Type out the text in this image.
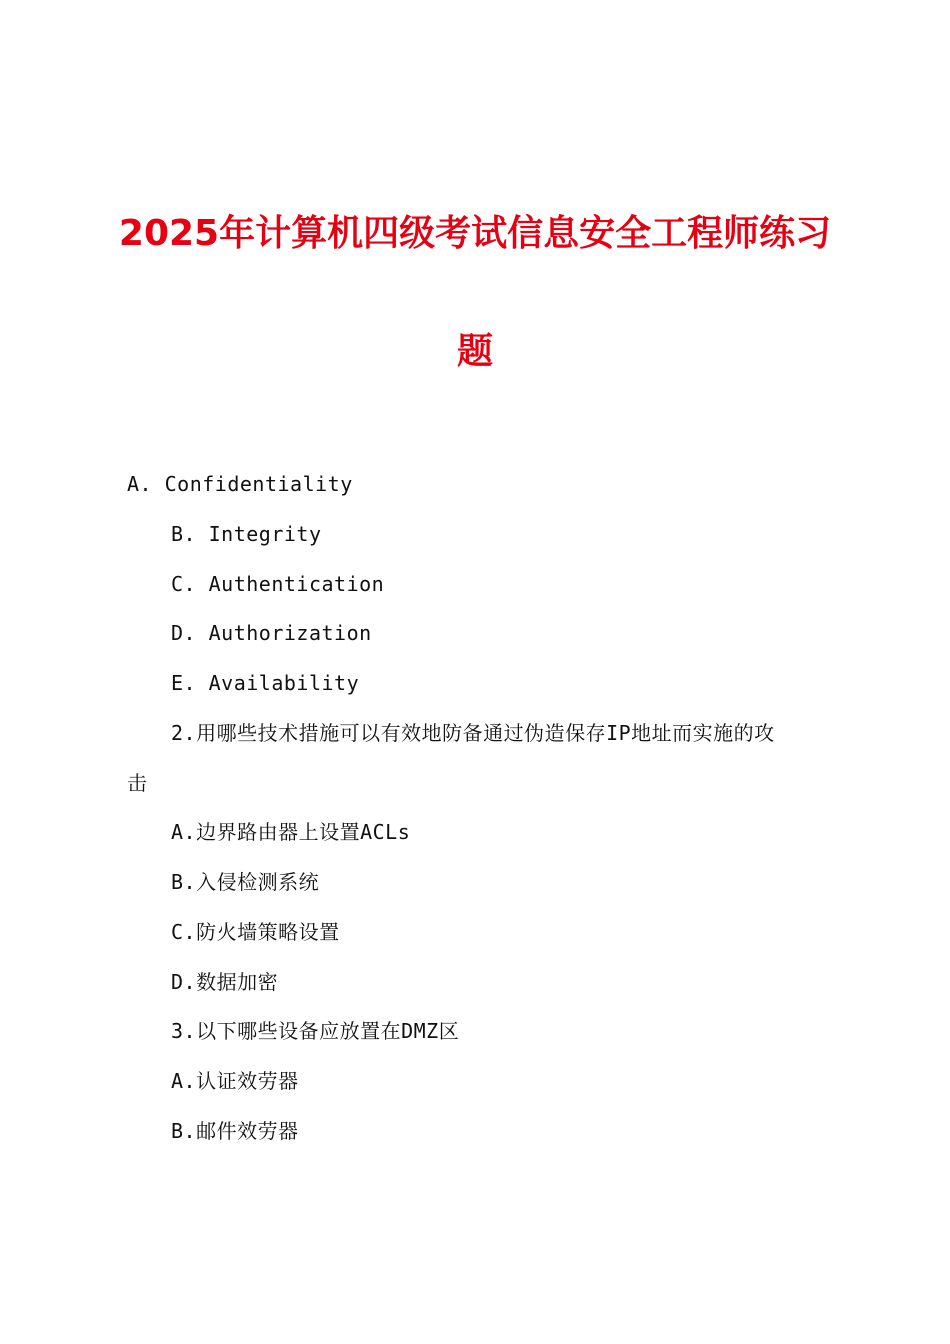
2025年计算机四级考试信息安全工程师练习
题
A. Confidentiality
B. Integrity
C. Authentication
D. Authorization
E. Availability
2.用哪些技术措施可以有效地防备通过伪造保存IP地址而实施的攻
击
A.边界路由器上设置ACLs
B.入侵检测系统
C.防火墙策略设置
D.数据加密
3.以下哪些设备应放置在DMZ区
A.认证效劳器
B.邮件效劳器
